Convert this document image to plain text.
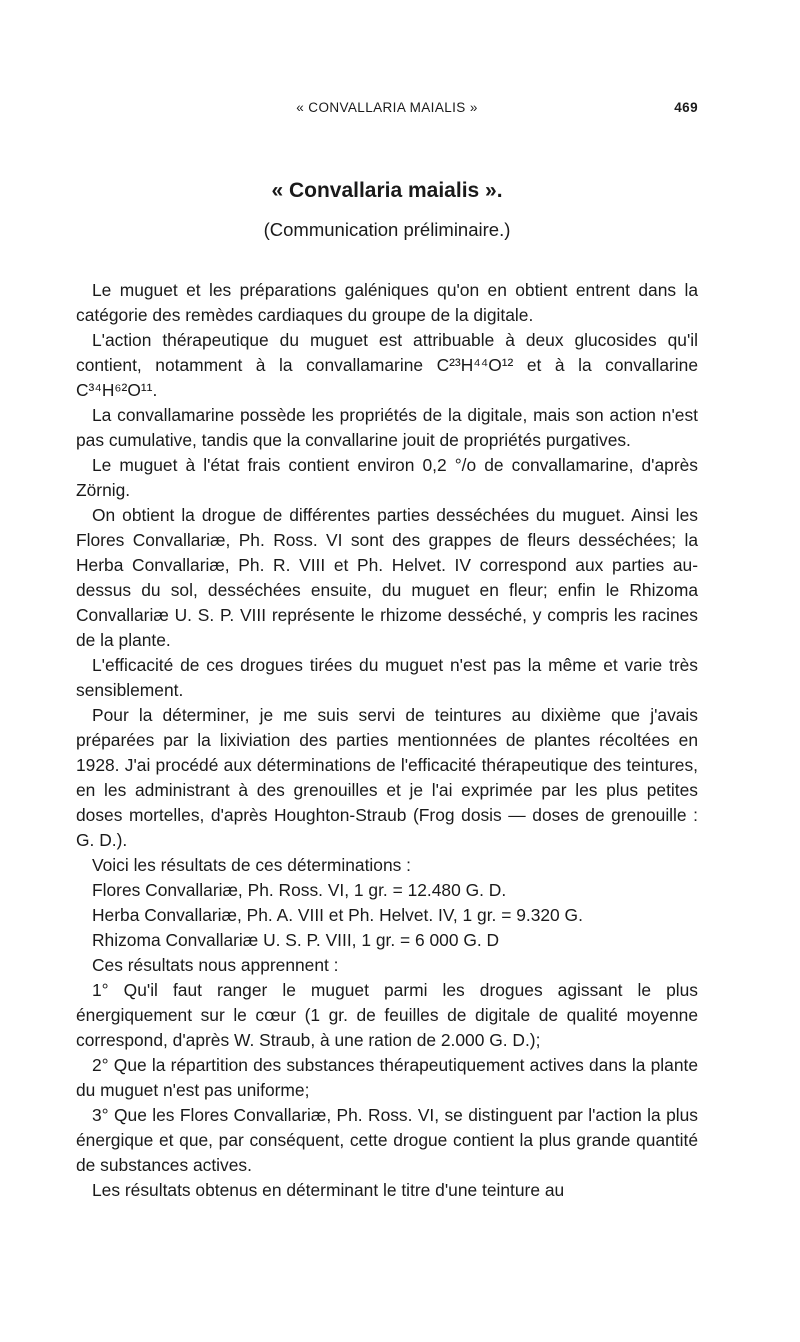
« CONVALLARIA MAIALIS »	469
« Convallaria maialis ».
(Communication préliminaire.)

Le muguet et les préparations galéniques qu'on en obtient entrent dans la catégorie des remèdes cardiaques du groupe de la digitale.

L'action thérapeutique du muguet est attribuable à deux glucosides qu'il contient, notamment à la convallamarine C²³H⁴⁴O¹² et à la convallarine C³⁴H⁶²O¹¹.

La convallamarine possède les propriétés de la digitale, mais son action n'est pas cumulative, tandis que la convallarine jouit de propriétés purgatives.

Le muguet à l'état frais contient environ 0,2 °/o de convallamarine, d'après Zörnig.

On obtient la drogue de différentes parties desséchées du muguet. Ainsi les Flores Convallariæ, Ph. Ross. VI sont des grappes de fleurs desséchées; la Herba Convallariæ, Ph. R. VIII et Ph. Helvet. IV correspond aux parties au-dessus du sol, desséchées ensuite, du muguet en fleur; enfin le Rhizoma Convallariæ U. S. P. VIII représente le rhizome desséché, y compris les racines de la plante.

L'efficacité de ces drogues tirées du muguet n'est pas la même et varie très sensiblement.

Pour la déterminer, je me suis servi de teintures au dixième que j'avais préparées par la lixiviation des parties mentionnées de plantes récoltées en 1928. J'ai procédé aux déterminations de l'efficacité thérapeutique des teintures, en les administrant à des grenouilles et je l'ai exprimée par les plus petites doses mortelles, d'après Houghton-Straub (Frog dosis — doses de grenouille : G. D.).

Voici les résultats de ces déterminations :

Flores Convallariæ, Ph. Ross. VI, 1 gr. = 12.480 G. D.

Herba Convallariæ, Ph. A. VIII et Ph. Helvet. IV, 1 gr. = 9.320 G.

Rhizoma Convallariæ U. S. P. VIII, 1 gr. = 6 000 G. D

Ces résultats nous apprennent :

1° Qu'il faut ranger le muguet parmi les drogues agissant le plus énergiquement sur le cœur (1 gr. de feuilles de digitale de qualité moyenne correspond, d'après W. Straub, à une ration de 2.000 G. D.);

2° Que la répartition des substances thérapeutiquement actives dans la plante du muguet n'est pas uniforme;

3° Que les Flores Convallariæ, Ph. Ross. VI, se distinguent par l'action la plus énergique et que, par conséquent, cette drogue contient la plus grande quantité de substances actives.

Les résultats obtenus en déterminant le titre d'une teinture au
